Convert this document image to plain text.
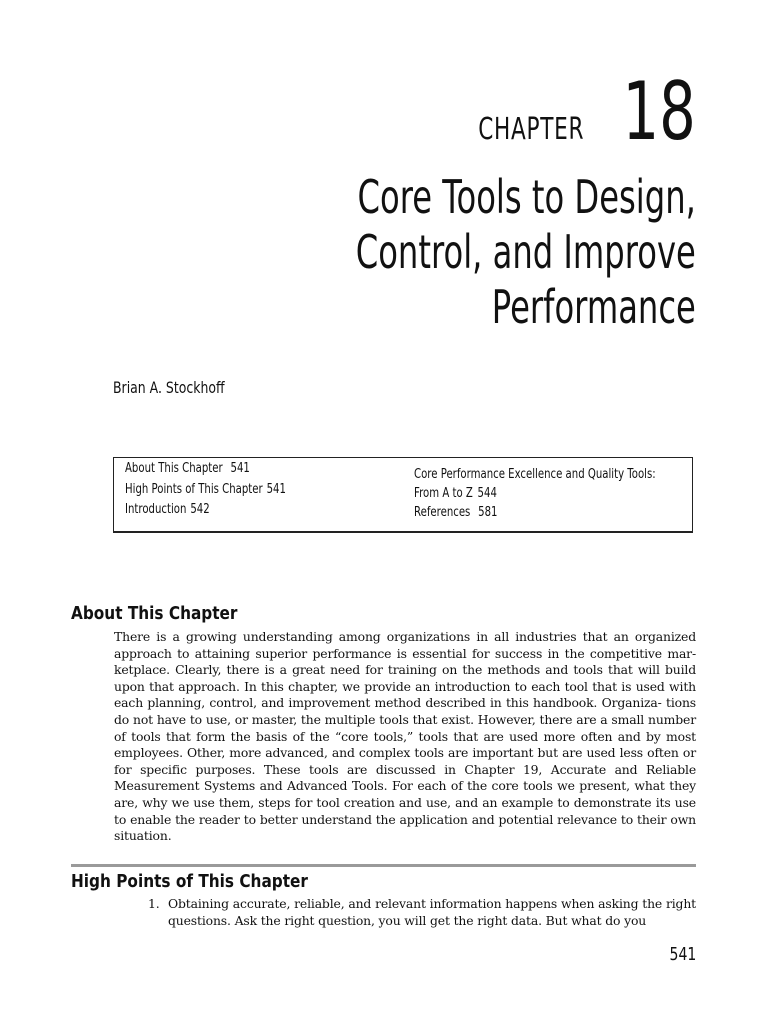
CHAPTER 18
Core Tools to Design,
Control, and Improve
Performance
Brian A. Stockhoff
About This Chapter 541
High Points of This Chapter 541
Introduction 542
Core Performance Excellence and Quality Tools:
From A to Z 544
References 581
About This Chapter
There is a growing understanding among organizations in all industries that an organized approach to attaining superior performance is essential for success in the competitive mar-ketplace. Clearly, there is a great need for training on the methods and tools that will build upon that approach. In this chapter, we provide an introduction to each tool that is used with each planning, control, and improvement method described in this handbook. Organiza- tions do not have to use, or master, the multiple tools that exist. However, there are a small number of tools that form the basis of the “core tools,” tools that are used more often and by most employees. Other, more advanced, and complex tools are important but are used less often or for specific purposes. These tools are discussed in Chapter 19, Accurate and Reliable Measurement Systems and Advanced Tools. For each of the core tools we present, what they are, why we use them, steps for tool creation and use, and an example to demonstrate its use to enable the reader to better understand the application and potential relevance to their own situation.
High Points of This Chapter
1. Obtaining accurate, reliable, and relevant information happens when asking the right questions. Ask the right question, you will get the right data. But what do you
541
